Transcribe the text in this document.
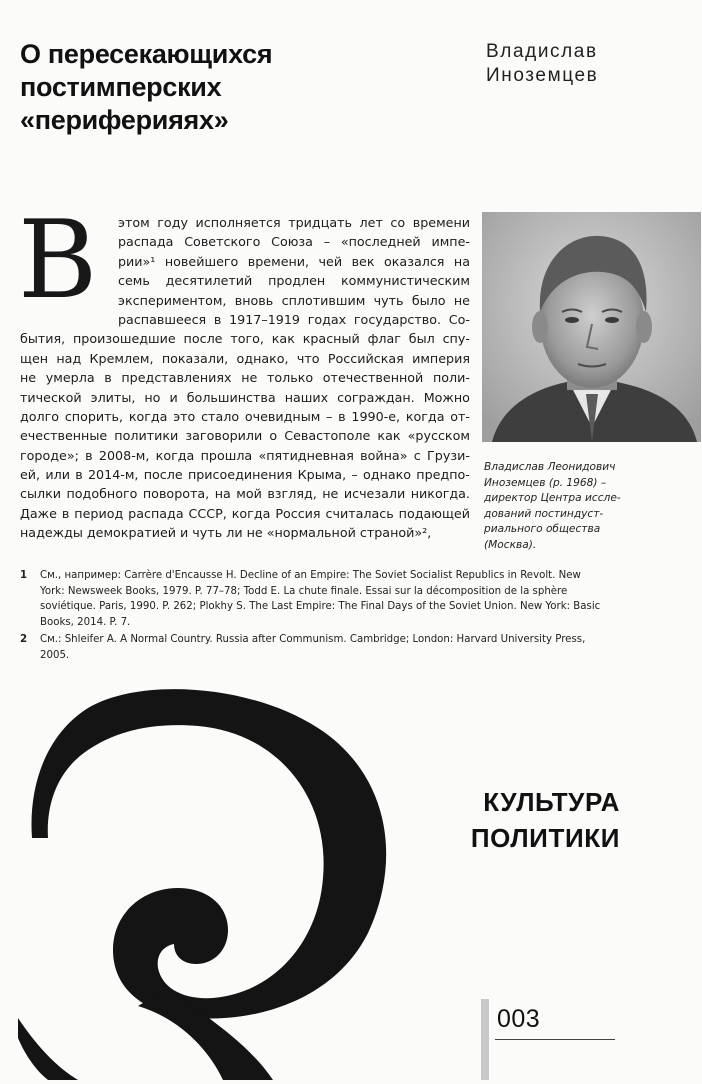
О пересекающихся
постимперских
«периферияях»
Владислав
Иноземцев
Владислав Леонидович
Иноземцев (р. 1968) –
директор Центра иссле-
дований постиндуст-
риального общества
(Москва).
В этом году исполняется тридцать лет со времени
распада Советского Союза – «последней импе-
рии»¹ новейшего времени, чей век оказался на
семь десятилетий продлен коммунистическим
экспериментом, вновь сплотившим чуть было не
распавшееся в 1917–1919 годах государство. Со-
бытия, произошедшие после того, как красный флаг был спу-
щен над Кремлем, показали, однако, что Российская империя
не умерла в представлениях не только отечественной поли-
тической элиты, но и большинства наших сограждан. Можно
долго спорить, когда это стало очевидным – в 1990-е, когда от-
ечественные политики заговорили о Севастополе как «русском
городе»; в 2008-м, когда прошла «пятидневная война» с Грузи-
ей, или в 2014-м, после присоединения Крыма, – однако предпо-
сылки подобного поворота, на мой взгляд, не исчезали никогда.
Даже в период распада СССР, когда Россия считалась подающей
надежды демократией и чуть ли не «нормальной страной»²,
1 См., например: Carrère d'Encausse H. Decline of an Empire: The Soviet Socialist Republics in Revolt. New
York: Newsweek Books, 1979. P. 77–78; Todd E. La chute finale. Essai sur la décomposition de la sphère
soviétique. Paris, 1990. P. 262; Plokhy S. The Last Empire: The Final Days of the Soviet Union. New York: Basic
Books, 2014. P. 7.
2 См.: Shleifer A. A Normal Country. Russia after Communism. Cambridge; London: Harvard University Press,
2005.
КУЛЬТУРА
ПОЛИТИКИ
003
